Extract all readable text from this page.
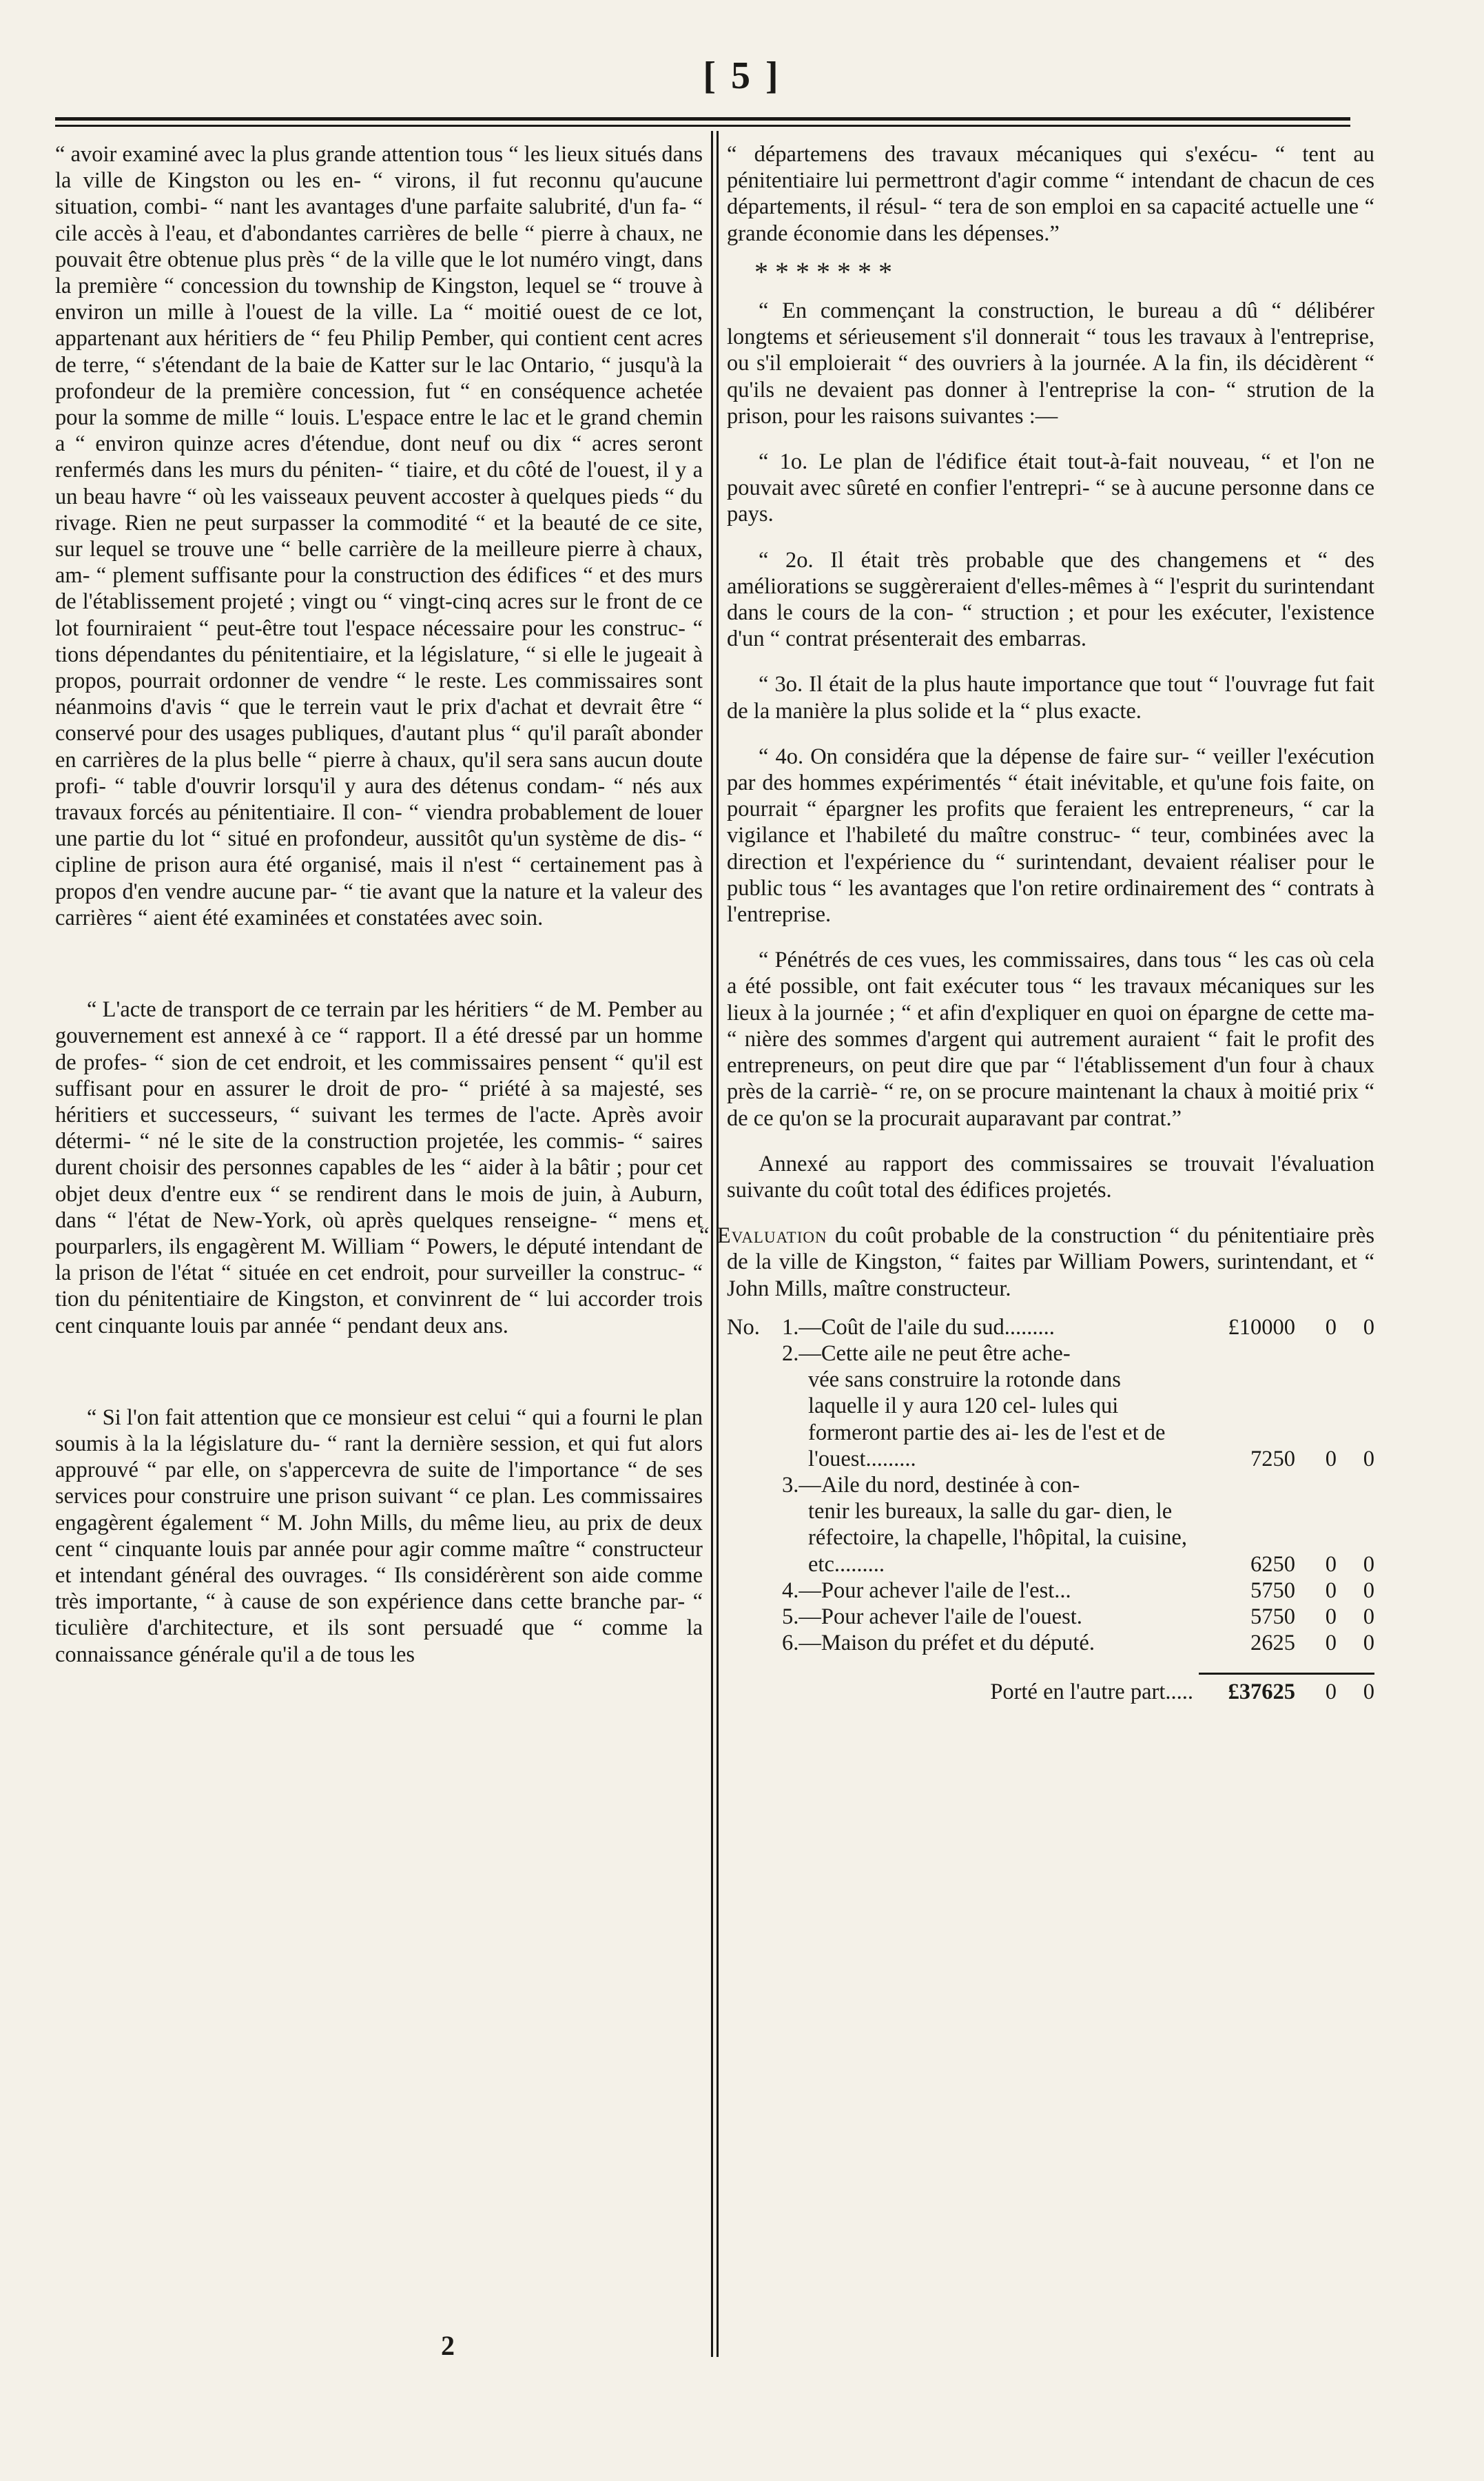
[ 5 ]

“ avoir examiné avec la plus grande attention tous “ les lieux situés dans la ville de Kingston ou les en- “ virons, il fut reconnu qu'aucune situation, combi- “ nant les avantages d'une parfaite salubrité, d'un fa- “ cile accès à l'eau, et d'abondantes carrières de belle “ pierre à chaux, ne pouvait être obtenue plus près “ de la ville que le lot numéro vingt, dans la première “ concession du township de Kingston, lequel se “ trouve à environ un mille à l'ouest de la ville. La “ moitié ouest de ce lot, appartenant aux héritiers de “ feu Philip Pember, qui contient cent acres de terre, “ s'étendant de la baie de Katter sur le lac Ontario, “ jusqu'à la profondeur de la première concession, fut “ en conséquence achetée pour la somme de mille “ louis. L'espace entre le lac et le grand chemin a “ environ quinze acres d'étendue, dont neuf ou dix “ acres seront renfermés dans les murs du péniten- “ tiaire, et du côté de l'ouest, il y a un beau havre “ où les vaisseaux peuvent accoster à quelques pieds “ du rivage. Rien ne peut surpasser la commodité “ et la beauté de ce site, sur lequel se trouve une “ belle carrière de la meilleure pierre à chaux, am- “ plement suffisante pour la construction des édifices “ et des murs de l'établissement projeté ; vingt ou “ vingt-cinq acres sur le front de ce lot fourniraient “ peut-être tout l'espace nécessaire pour les construc- “ tions dépendantes du pénitentiaire, et la législature, “ si elle le jugeait à propos, pourrait ordonner de vendre “ le reste. Les commissaires sont néanmoins d'avis “ que le terrein vaut le prix d'achat et devrait être “ conservé pour des usages publiques, d'autant plus “ qu'il paraît abonder en carrières de la plus belle “ pierre à chaux, qu'il sera sans aucun doute profi- “ table d'ouvrir lorsqu'il y aura des détenus condam- “ nés aux travaux forcés au pénitentiaire. Il con- “ viendra probablement de louer une partie du lot “ situé en profondeur, aussitôt qu'un système de dis- “ cipline de prison aura été organisé, mais il n'est “ certainement pas à propos d'en vendre aucune par- “ tie avant que la nature et la valeur des carrières “ aient été examinées et constatées avec soin.

“ L'acte de transport de ce terrain par les héritiers “ de M. Pember au gouvernement est annexé à ce “ rapport. Il a été dressé par un homme de profes- “ sion de cet endroit, et les commissaires pensent “ qu'il est suffisant pour en assurer le droit de pro- “ priété à sa majesté, ses héritiers et successeurs, “ suivant les termes de l'acte. Après avoir détermi- “ né le site de la construction projetée, les commis- “ saires durent choisir des personnes capables de les “ aider à la bâtir ; pour cet objet deux d'entre eux “ se rendirent dans le mois de juin, à Auburn, dans “ l'état de New-York, où après quelques renseigne- “ mens et pourparlers, ils engagèrent M. William “ Powers, le député intendant de la prison de l'état “ située en cet endroit, pour surveiller la construc- “ tion du pénitentiaire de Kingston, et convinrent de “ lui accorder trois cent cinquante louis par année “ pendant deux ans.

“ Si l'on fait attention que ce monsieur est celui “ qui a fourni le plan soumis à la la législature du- “ rant la dernière session, et qui fut alors approuvé “ par elle, on s'appercevra de suite de l'importance “ de ses services pour construire une prison suivant “ ce plan. Les commissaires engagèrent également “ M. John Mills, du même lieu, au prix de deux cent “ cinquante louis par année pour agir comme maître “ constructeur et intendant général des ouvrages. “ Ils considérèrent son aide comme très importante, “ à cause de son expérience dans cette branche par- “ ticulière d'architecture, et ils sont persuadé que “ comme la connaissance générale qu'il a de tous les

“ départemens des travaux mécaniques qui s'exécu- “ tent au pénitentiaire lui permettront d'agir comme “ intendant de chacun de ces départements, il résul- “ tera de son emploi en sa capacité actuelle une “ grande économie dans les dépenses.”

* * * * * * *

“ En commençant la construction, le bureau a dû “ délibérer longtems et sérieusement s'il donnerait “ tous les travaux à l'entreprise, ou s'il emploierait “ des ouvriers à la journée. A la fin, ils décidèrent “ qu'ils ne devaient pas donner à l'entreprise la con- “ strution de la prison, pour les raisons suivantes :—

“ 1o. Le plan de l'édifice était tout-à-fait nouveau, “ et l'on ne pouvait avec sûreté en confier l'entrepri- “ se à aucune personne dans ce pays.

“ 2o. Il était très probable que des changemens et “ des améliorations se suggèreraient d'elles-mêmes à “ l'esprit du surintendant dans le cours de la con- “ struction ; et pour les exécuter, l'existence d'un “ contrat présenterait des embarras.

“ 3o. Il était de la plus haute importance que tout “ l'ouvrage fut fait de la manière la plus solide et la “ plus exacte.

“ 4o. On considéra que la dépense de faire sur- “ veiller l'exécution par des hommes expérimentés “ était inévitable, et qu'une fois faite, on pourrait “ épargner les profits que feraient les entrepreneurs, “ car la vigilance et l'habileté du maître construc- “ teur, combinées avec la direction et l'expérience du “ surintendant, devaient réaliser pour le public tous “ les avantages que l'on retire ordinairement des “ contrats à l'entreprise.

“ Pénétrés de ces vues, les commissaires, dans tous “ les cas où cela a été possible, ont fait exécuter tous “ les travaux mécaniques sur les lieux à la journée ; “ et afin d'expliquer en quoi on épargne de cette ma- “ nière des sommes d'argent qui autrement auraient “ fait le profit des entrepreneurs, on peut dire que par “ l'établissement d'un four à chaux près de la carriè- “ re, on se procure maintenant la chaux à moitié prix “ de ce qu'on se la procurait auparavant par contrat.”

Annexé au rapport des commissaires se trouvait l'évaluation suivante du coût total des édifices projetés.

“ Evaluation du coût probable de la construction “ du pénitentiaire près de la ville de Kingston, “ faites par William Powers, surintendant, et “ John Mills, maître constructeur.

No. 1.—Coût de l'aile du sud.........	£10000	0	0
2.—Cette aile ne peut être ache-
vée sans construire la rotonde dans laquelle il y aura 120 cel- lules qui formeront partie des ai- les de l'est et de l'ouest.........	7250	0	0
3.—Aile du nord, destinée à con-
tenir les bureaux, la salle du gar- dien, le réfectoire, la chapelle, l'hôpital, la cuisine, etc.........	6250	0	0
4.—Pour achever l'aile de l'est...	5750	0	0
5.—Pour achever l'aile de l'ouest.	5750	0	0
6.—Maison du préfet et du député.	2625	0	0
Porté en l'autre part.....	£37625	0	0
2
